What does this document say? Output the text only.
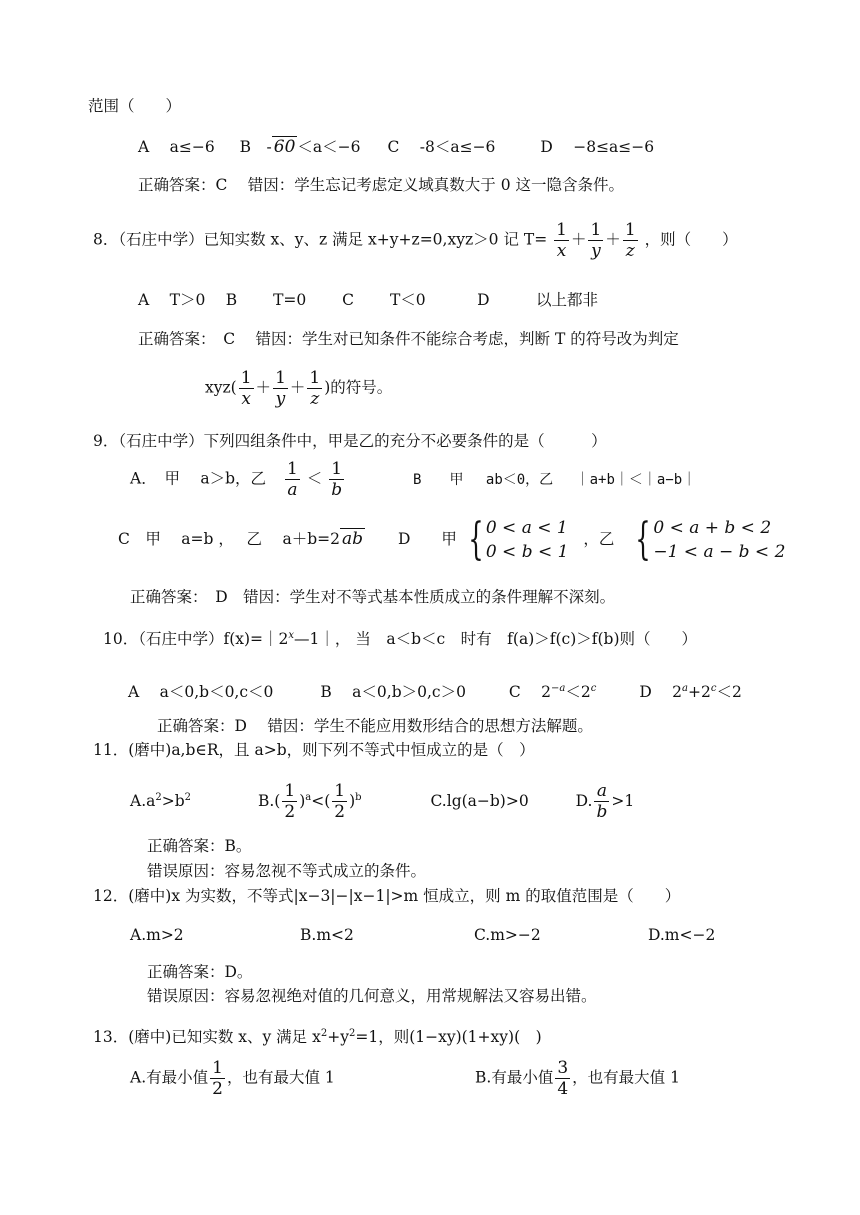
范围（　　）
A　 a≤−6 B　- 60 ＜a＜−6 C　 -8＜a≤−6	D　 −8≤a≤−6
正确答案：C　 错因：学生忘记考虑定义域真数大于 0 这一隐含条件。
8．（石庄中学）已知实数 x、y、z 满足 x+y+z=0,xyz＞0 记 $T= \frac{1}{x} + \frac{1}{y} + \frac{1}{z}$ ，则（　　）
A　 T＞0　 B　　 T=0　　 C　　 T＜0　　　 D　　　以上都非
正确答案：　C　 错因：学生对已知条件不能综合考虑，判断 T 的符号改为判定
$xyz( \frac{1}{x} + \frac{1}{y} + \frac{1}{z}$ )的符号。
9．（石庄中学）下列四组条件中，甲是乙的充分不必要条件的是（　　　）
A．　甲　 a＞b，乙 $\frac{1}{a} < \frac{1}{b}$	B　　甲　 ab＜0，乙　 ｜a+b｜＜｜a−b｜
C　甲　 a=b ，　 乙　 a＋b=2 ab D　　甲 { 0 < a < 1
0 < b < 1
，乙 { 0 < a + b < 2
−1 < a − b < 2
正确答案：　D　错因：学生对不等式基本性质成立的条件理解不深刻。
10．（石庄中学）$f(x)=|2^x—1|$， 当　a＜b＜c　时有　f(a)＞f(c)＞f(b)则（　　）
A　 a＜0,b＜0,c＜0	B　 a＜0,b＞0,c＞0	C　 $2^{-a}<2^c$	D　 $2^a+2^c<2$
正确答案：D　 错因：学生不能应用数形结合的思想方法解题。
11．(磨中)a,b∈R，且 a>b，则下列不等式中恒成立的是（　）
$A.a^2>b^2$	$B.( \frac{1}{2} )^a<( \frac{1}{2} )^b$	C.lg(a−b)>0	D. $\frac{a}{b} >1$
正确答案：B。
错误原因：容易忽视不等式成立的条件。
12．(磨中)x 为实数，不等式|x−3|−|x−1|>m 恒成立，则 m 的取值范围是（　　）
A.m>2	B.m<2	C.m>−2	D.m<−2
正确答案：D。
错误原因：容易忽视绝对值的几何意义，用常规解法又容易出错。
13．(磨中)已知实数 x、y 满足 $x^2+y^2=1$，则(1−xy)(1+xy)(　)
A.有最小值 $\frac{1}{2}$ ，也有最大值 1	B.有最小值 $\frac{3}{4}$ ，也有最大值 1
